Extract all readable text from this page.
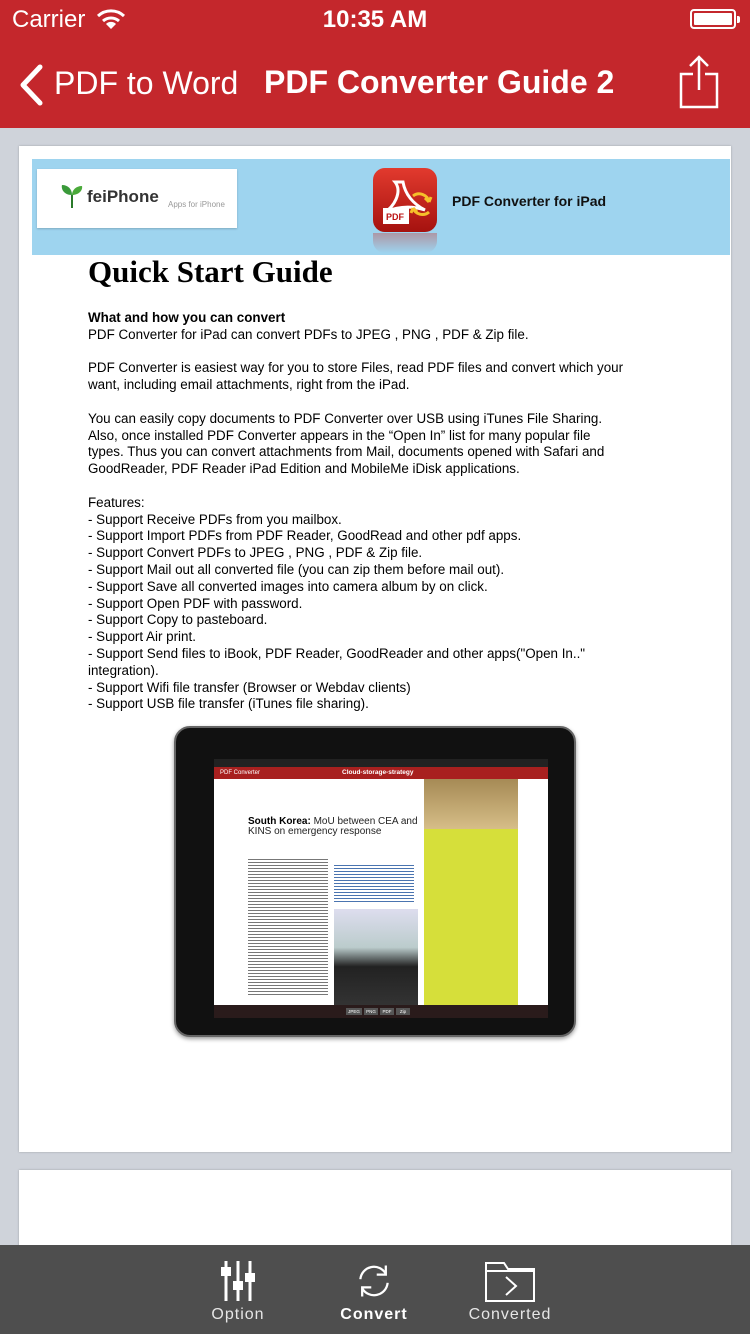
Carrier	10:35 AM
PDF to Word PDF Converter Guide 2
feiPhone Apps for iPhone
PDF
PDF Converter for iPad
Quick Start Guide
What and how you can convert
PDF Converter for iPad can convert PDFs to JPEG , PNG , PDF & Zip file.
PDF Converter is easiest way for you to store Files, read PDF files and convert which your
want, including email attachments, right from the iPad.
You can easily copy documents to PDF Converter over USB using iTunes File Sharing.
Also, once installed PDF Converter appears in the “Open In” list for many popular file
types. Thus you can convert attachments from Mail, documents opened with Safari and
GoodReader, PDF Reader iPad Edition and MobileMe iDisk applications.
Features:
- Support Receive PDFs from you mailbox.
- Support Import PDFs from PDF Reader, GoodRead and other pdf apps.
- Support Convert PDFs to JPEG , PNG , PDF & Zip file.
- Support Mail out all converted file (you can zip them before mail out).
- Support Save all converted images into camera album by on click.
- Support Open PDF with password.
- Support Copy to pasteboard.
- Support Air print.
- Support Send files to iBook, PDF Reader, GoodReader and other apps("Open In.."
integration).
- Support Wifi file transfer (Browser or Webdav clients)
- Support USB file transfer (iTunes file sharing).
PDF Converter	Cloud-storage-strategy
South Korea: MoU between CEA and KINS on emergency response
JPEG	PNG	PDF	Zip
Option	Convert	Converted
